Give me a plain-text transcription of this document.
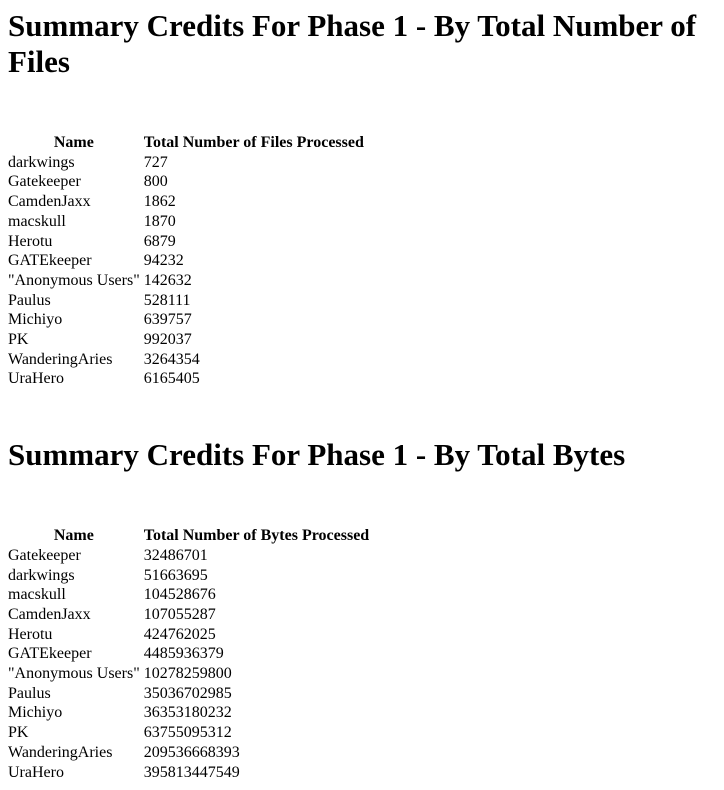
Summary Credits For Phase 1 - By Total Number of Files
Name	Total Number of Files Processed
darkwings	727
Gatekeeper	800
CamdenJaxx	1862
macskull	1870
Herotu	6879
GATEkeeper	94232
"Anonymous Users"	142632
Paulus	528111
Michiyo	639757
PK	992037
WanderingAries	3264354
UraHero	6165405
Summary Credits For Phase 1 - By Total Bytes
Name	Total Number of Bytes Processed
Gatekeeper	32486701
darkwings	51663695
macskull	104528676
CamdenJaxx	107055287
Herotu	424762025
GATEkeeper	4485936379
"Anonymous Users"	10278259800
Paulus	35036702985
Michiyo	36353180232
PK	63755095312
WanderingAries	209536668393
UraHero	395813447549
